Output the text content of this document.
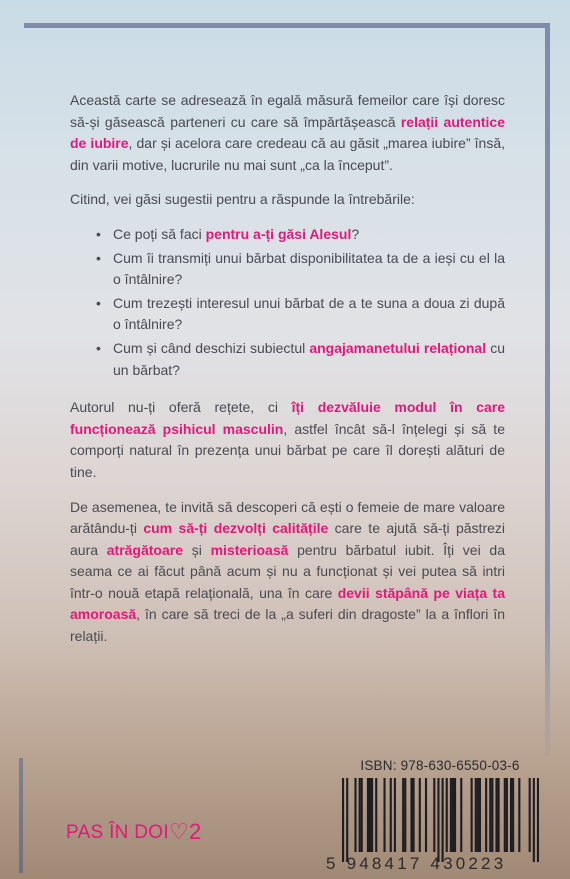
Această carte se adresează în egală măsură femeilor care își doresc să-și găsească parteneri cu care să împărtășească relații autentice de iubire, dar și acelora care credeau că au găsit „marea iubire” însă, din varii motive, lucrurile nu mai sunt „ca la început”.

Citind, vei găsi sugestii pentru a răspunde la întrebările:

• Ce poți să faci pentru a-ți găsi Alesul?
• Cum îi transmiți unui bărbat disponibilitatea ta de a ieși cu el la o întâlnire?
• Cum trezești interesul unui bărbat de a te suna a doua zi după o întâlnire?
• Cum și când deschizi subiectul angajamanetului relațional cu un bărbat?

Autorul nu-ți oferă rețete, ci îți dezvăluie modul în care funcționează psihicul masculin, astfel încât să-l înțelegi și să te comporți natural în prezența unui bărbat pe care îl dorești alături de tine.

De asemenea, te invită să descoperi că ești o femeie de mare valoare arătându-ți cum să-ți dezvolți calitățile care te ajută să-ți păstrezi aura atrăgătoare și misterioasă pentru bărbatul iubit. Îți vei da seama ce ai făcut până acum și nu a funcționat și vei putea să intri într-o nouă etapă relațională, una în care devii stăpână pe viața ta amoroasă, în care să treci de la „a suferi din dragoste” la a înflori în relații.

PAS ÎN DOI♡2
ISBN: 978-630-6550-03-6
5 948417 430223
